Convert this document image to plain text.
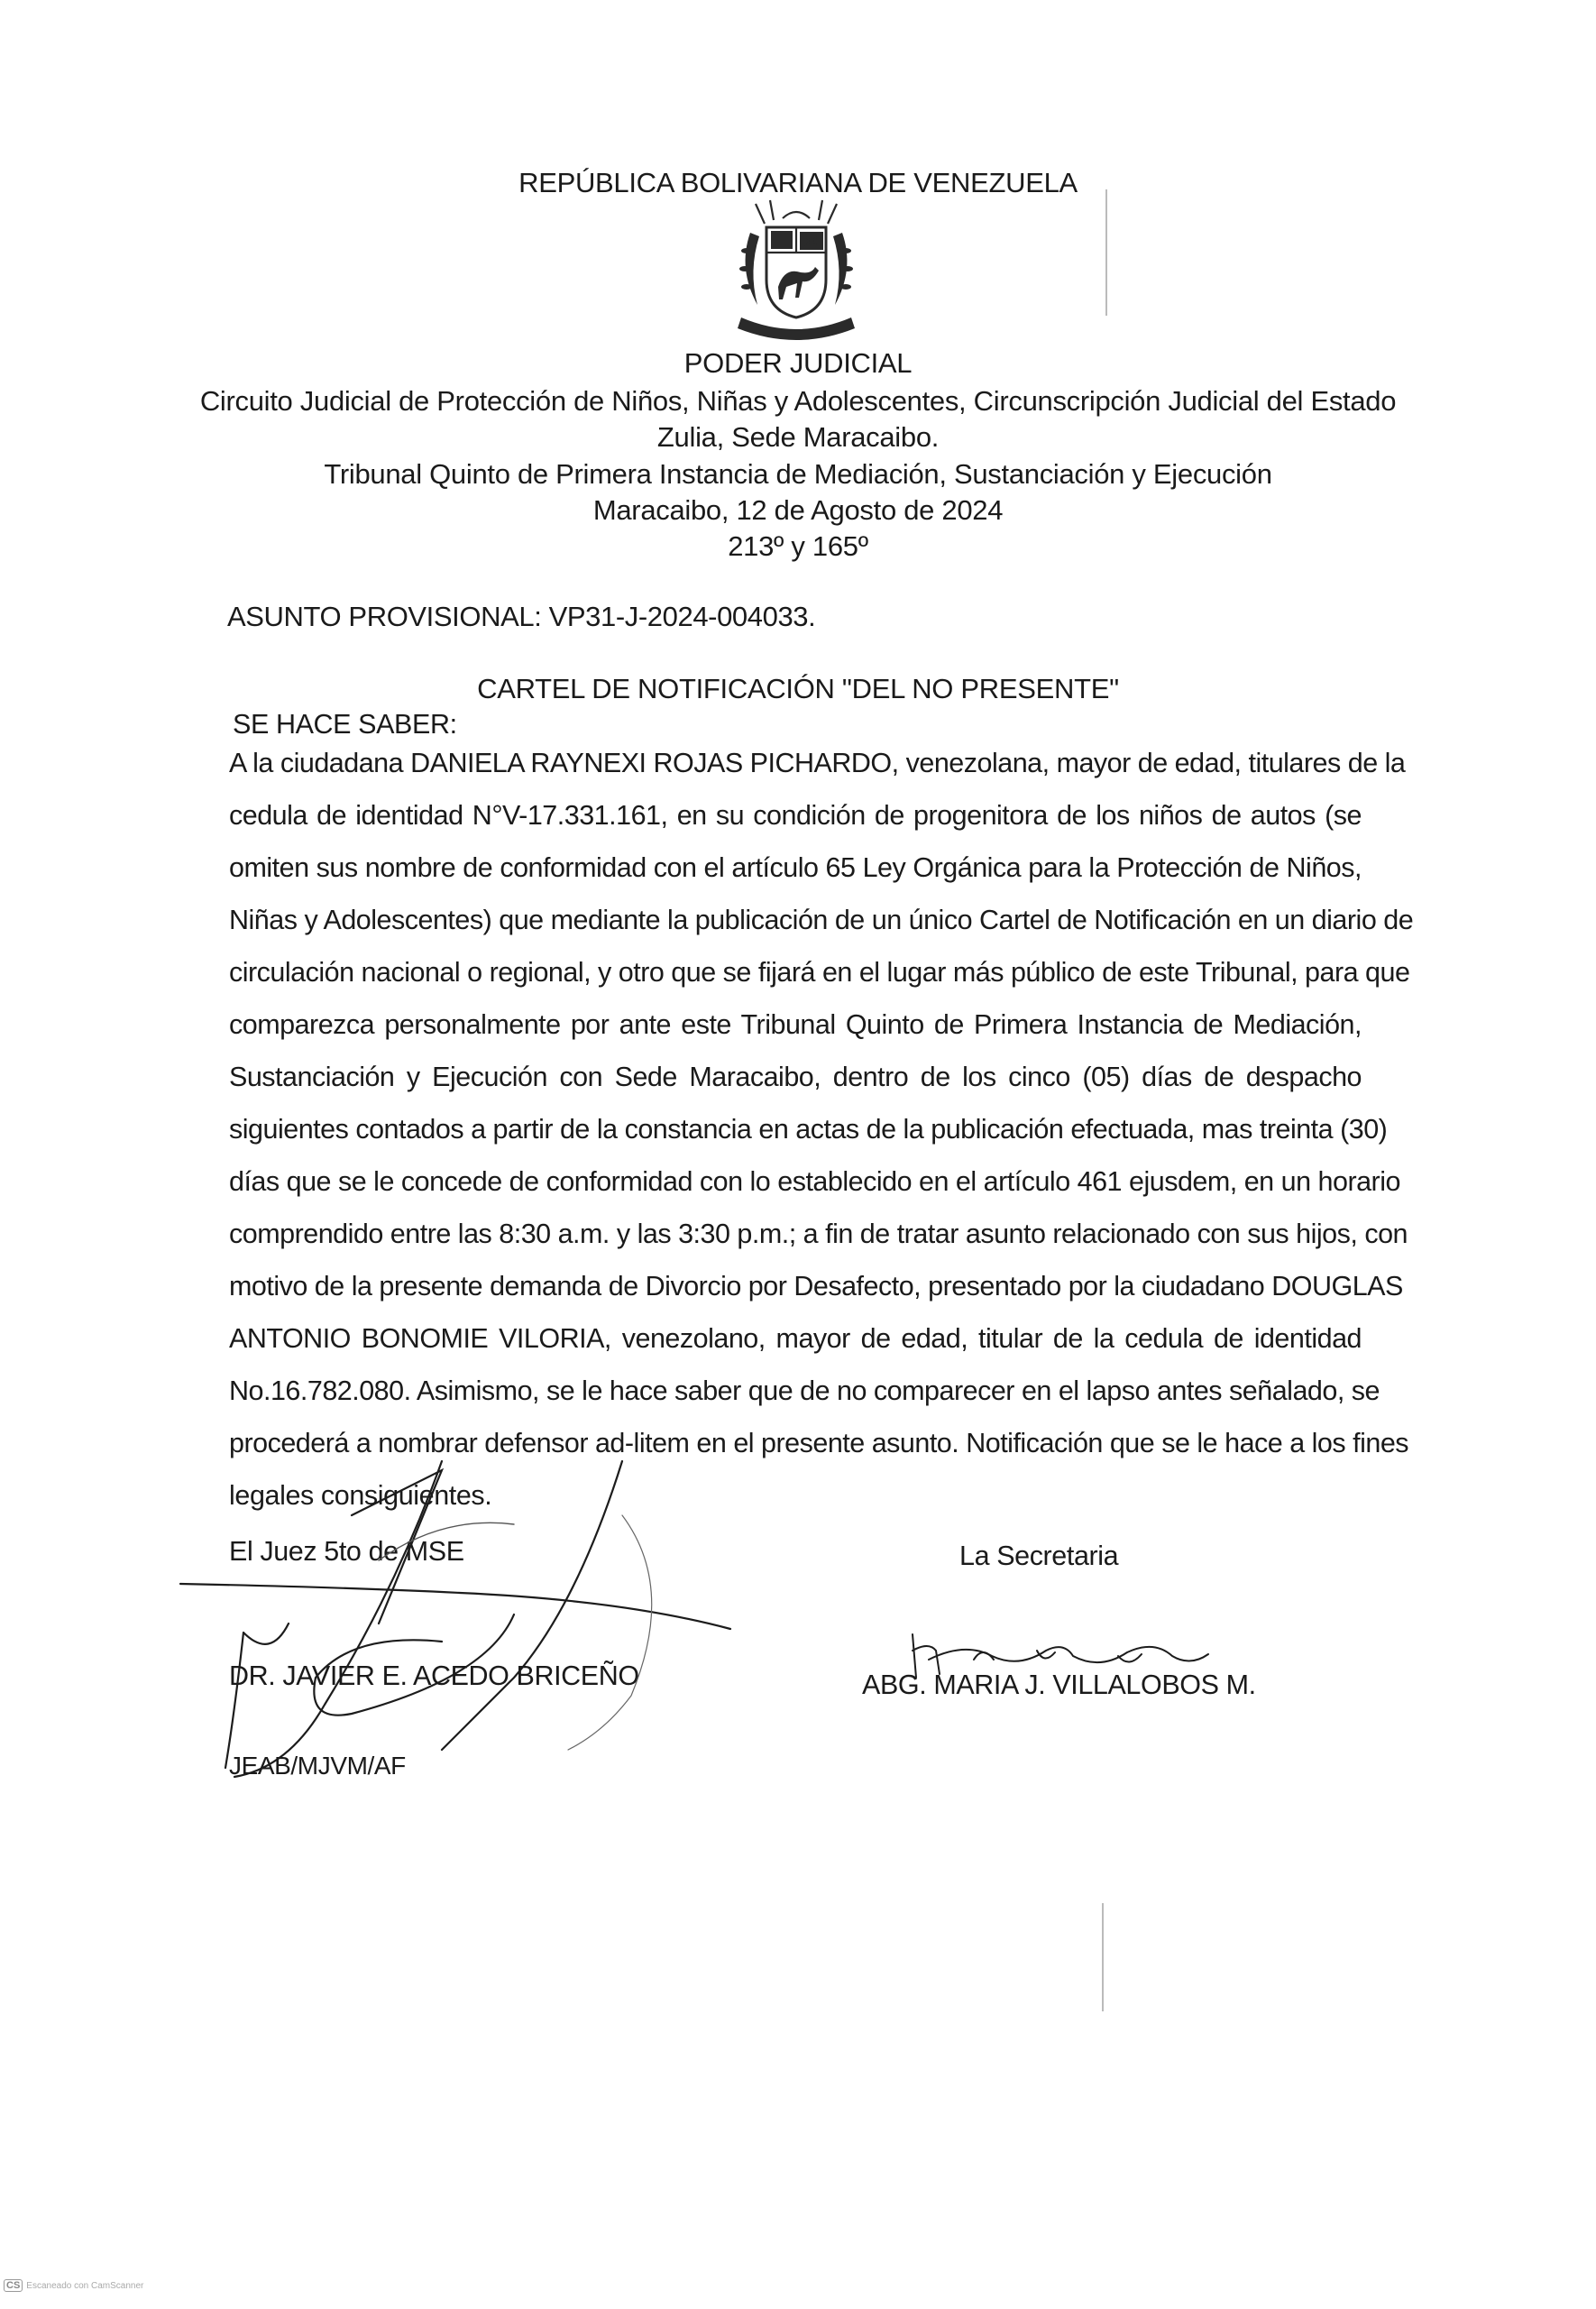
REPÚBLICA BOLIVARIANA DE VENEZUELA
PODER JUDICIAL
Circuito Judicial de Protección de Niños, Niñas y Adolescentes, Circunscripción Judicial del Estado
Zulia, Sede Maracaibo.
Tribunal Quinto de Primera Instancia de Mediación, Sustanciación y Ejecución
Maracaibo, 12 de Agosto de 2024
213º y 165º
ASUNTO PROVISIONAL: VP31-J-2024-004033.
CARTEL DE NOTIFICACIÓN "DEL NO PRESENTE"
SE HACE SABER:
A la ciudadana DANIELA RAYNEXI ROJAS PICHARDO, venezolana, mayor de edad, titulares de la
cedula de identidad N°V-17.331.161, en su condición de progenitora de los niños de autos (se
omiten sus nombre de conformidad con el artículo 65 Ley Orgánica para la Protección de Niños,
Niñas y Adolescentes) que mediante la publicación de un único Cartel de Notificación en un diario de
circulación nacional o regional, y otro que se fijará en el lugar más público de este Tribunal, para que
comparezca personalmente por ante este Tribunal Quinto de Primera Instancia de Mediación,
Sustanciación y Ejecución con Sede Maracaibo, dentro de los cinco (05) días de despacho
siguientes contados a partir de la constancia en actas de la publicación efectuada, mas treinta (30)
días que se le concede de conformidad con lo establecido en el artículo 461 ejusdem, en un horario
comprendido entre las 8:30 a.m. y las 3:30 p.m.; a fin de tratar asunto relacionado con sus hijos, con
motivo de la presente demanda de Divorcio por Desafecto, presentado por la ciudadano DOUGLAS
ANTONIO BONOMIE VILORIA, venezolano, mayor de edad, titular de la cedula de identidad
No.16.782.080. Asimismo, se le hace saber que de no comparecer en el lapso antes señalado, se
procederá a nombrar defensor ad-litem en el presente asunto. Notificación que se le hace a los fines
legales consiguientes.
El Juez 5to de MSE	La Secretaria
DR. JAVIER E. ACEDO BRICEÑO	ABG. MARIA J. VILLALOBOS M.
JEAB/MJVM/AF
CS Escaneado con CamScanner
